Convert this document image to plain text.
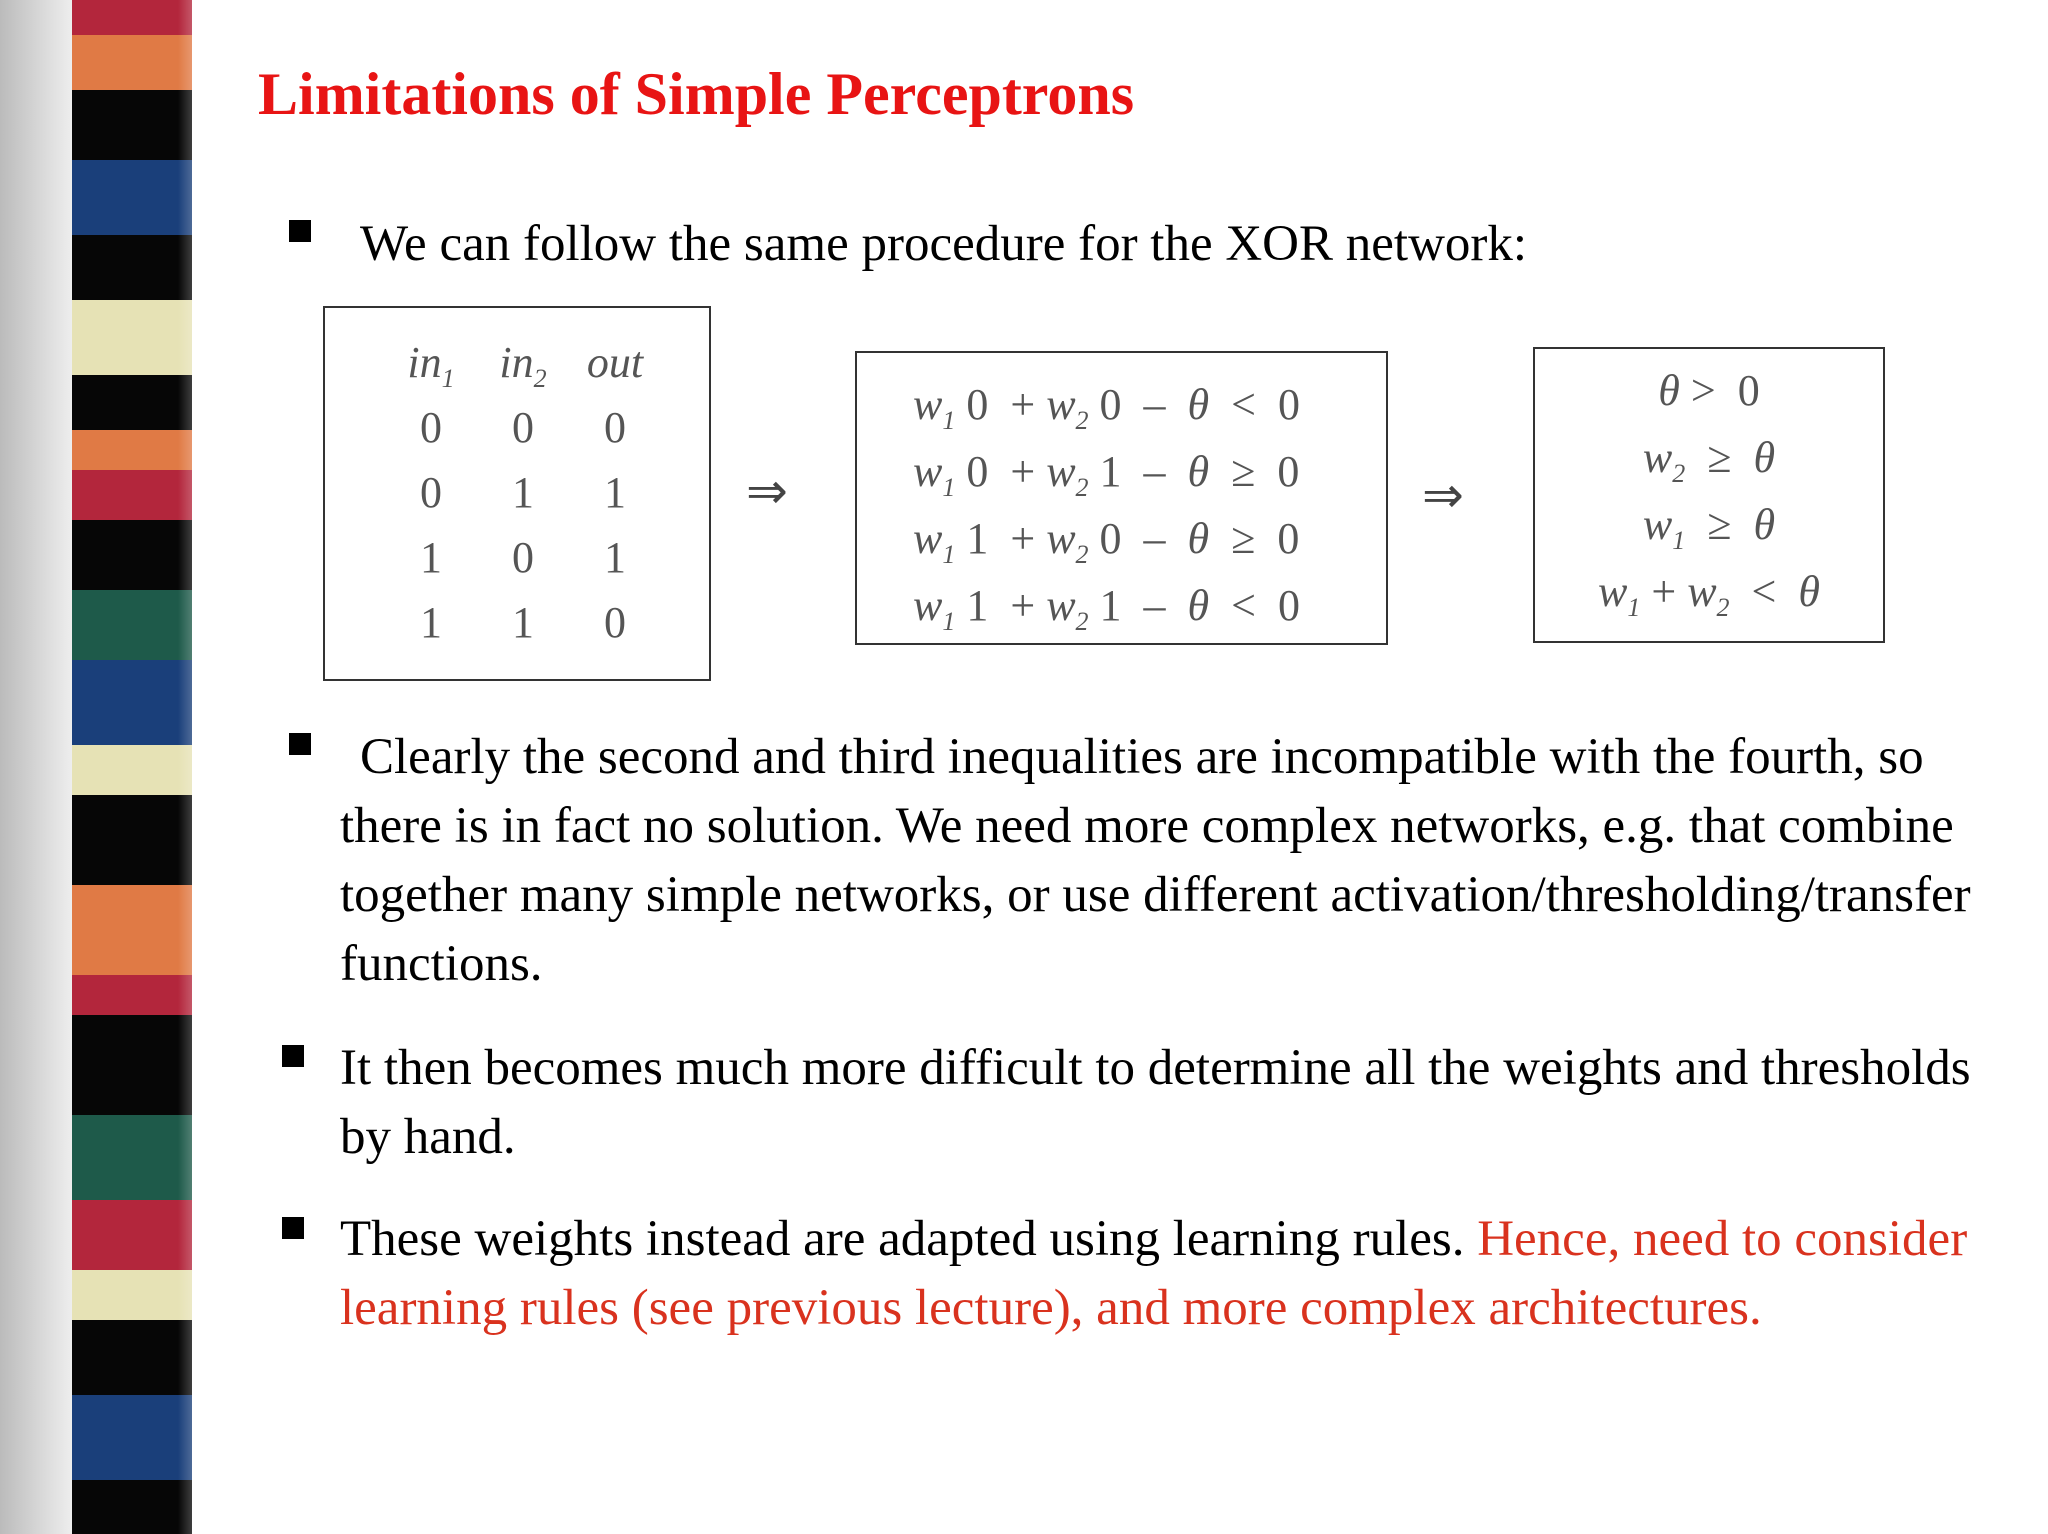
Limitations of Simple Perceptrons
We can follow the same procedure for the XOR network:
$in_1$	$in_2$	out
0	0	0
0	1	1
1	0	1
1	1	0
⇒
$w_1$ $0 + w_2$ 0  –  θ  <  0
$w_1$ $0 + w_2$ 1  –  θ  ≥  0
$w_1$ $1 + w_2$ 0  –  θ  ≥  0
$w_1$ $1 + w_2$ 1  –  θ  <  0
⇒
θ >  0
$w_2 \ge \theta$
$w_1 \ge \theta$
$w_1 + w_2 < \theta$
Clearly the second and third inequalities are incompatible with the fourth, so there is in fact no solution. We need more complex networks, e.g. that combine together many simple networks, or use different activation/thresholding/transfer functions.
It then becomes much more difficult to determine all the weights and thresholds by hand.
These weights instead are adapted using learning rules. Hence, need to consider learning rules (see previous lecture), and more complex architectures.
